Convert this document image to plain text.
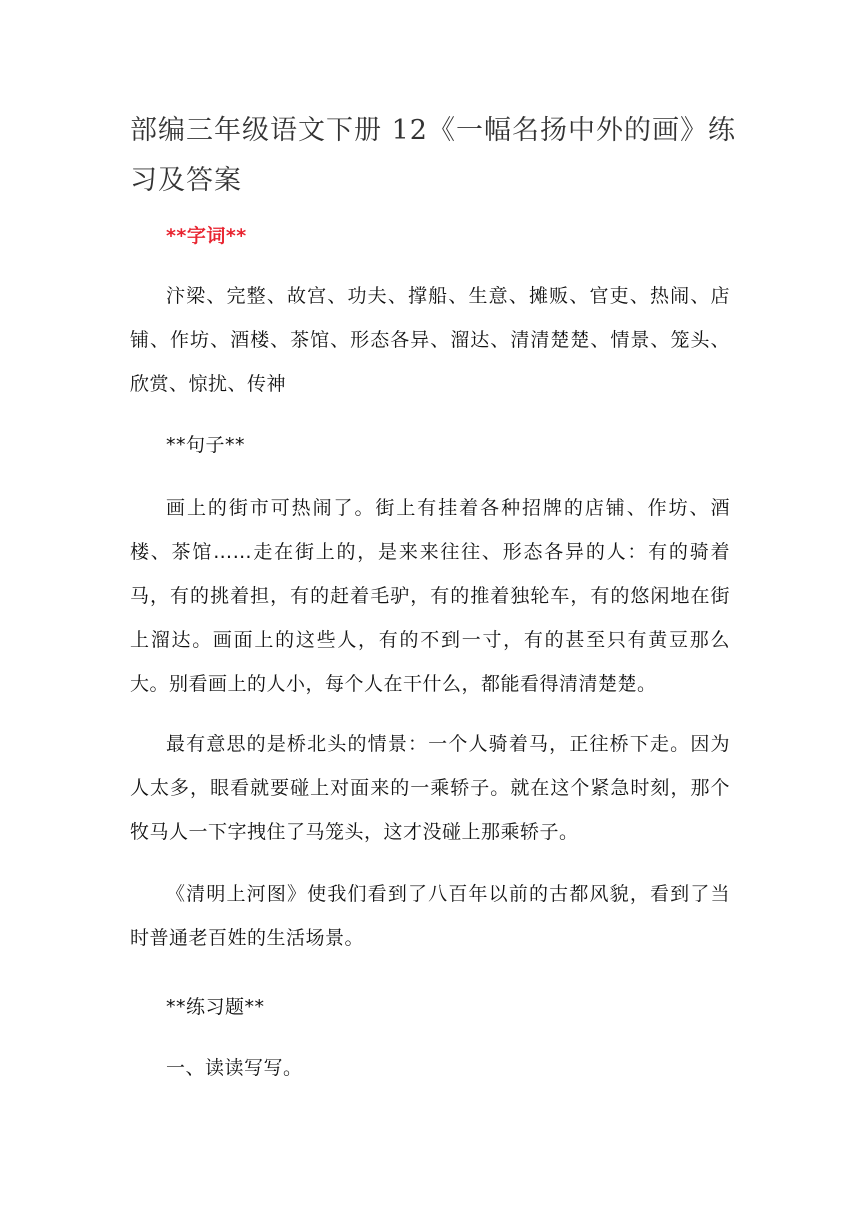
部编三年级语文下册 12《一幅名扬中外的画》练习及答案

**字词**

汴梁、完整、故宫、功夫、撑船、生意、摊贩、官吏、热闹、店铺、作坊、酒楼、茶馆、形态各异、溜达、清清楚楚、情景、笼头、欣赏、惊扰、传神

**句子**

画上的街市可热闹了。街上有挂着各种招牌的店铺、作坊、酒楼、茶馆……走在街上的，是来来往往、形态各异的人：有的骑着马，有的挑着担，有的赶着毛驴，有的推着独轮车，有的悠闲地在街上溜达。画面上的这些人，有的不到一寸，有的甚至只有黄豆那么大。别看画上的人小，每个人在干什么，都能看得清清楚楚。

最有意思的是桥北头的情景：一个人骑着马，正往桥下走。因为人太多，眼看就要碰上对面来的一乘轿子。就在这个紧急时刻，那个牧马人一下字拽住了马笼头，这才没碰上那乘轿子。

《清明上河图》使我们看到了八百年以前的古都风貌，看到了当时普通老百姓的生活场景。

**练习题**

一、读读写写。
